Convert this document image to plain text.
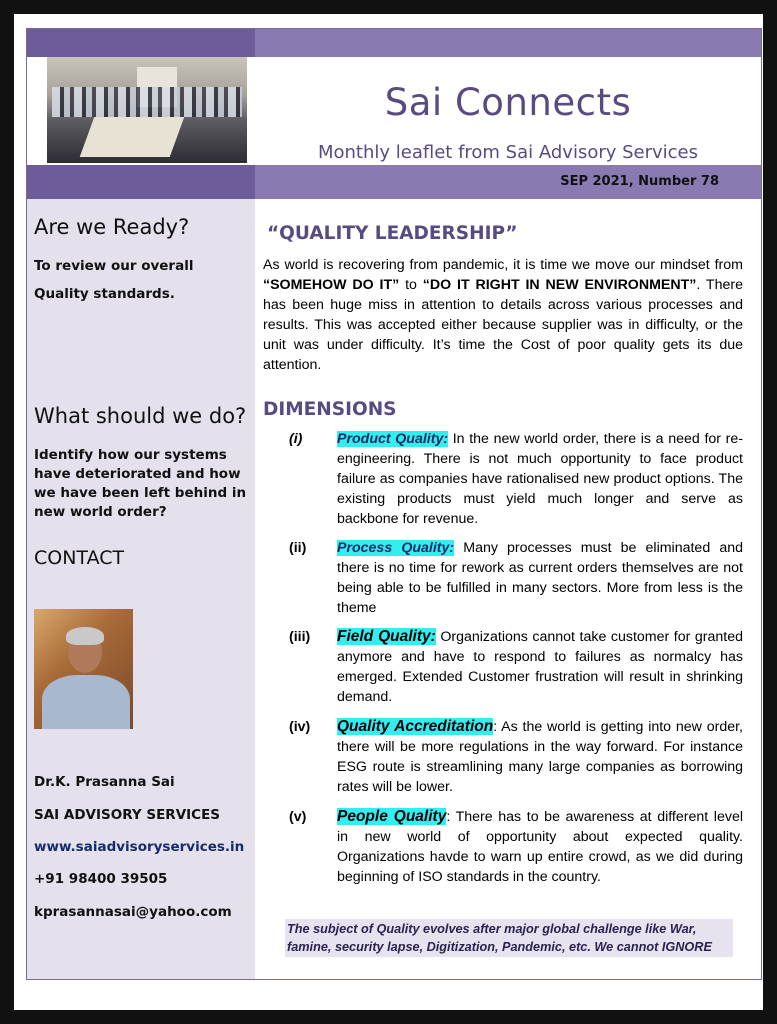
Sai Connects
Monthly leaflet from Sai Advisory Services
SEP 2021, Number 78
Are we Ready?
To review our overall
Quality standards.
What should we do?
Identify how our systems have deteriorated and how we have been left behind in new world order?
CONTACT
Dr.K. Prasanna Sai
SAI ADVISORY SERVICES
www.saiadvisoryservices.in
+91 98400 39505
kprasannasai@yahoo.com
“QUALITY LEADERSHIP”
As world is recovering from pandemic, it is time we move our mindset from “SOMEHOW DO IT” to “DO IT RIGHT IN NEW ENVIRONMENT”. There has been huge miss in attention to details across various processes and results. This was accepted either because supplier was in difficulty, or the unit was under difficulty. It’s time the Cost of poor quality gets its due attention.
DIMENSIONS
(i) Product Quality: In the new world order, there is a need for re-engineering. There is not much opportunity to face product failure as companies have rationalised new product options. The existing products must yield much longer and serve as backbone for revenue.
(ii) Process Quality: Many processes must be eliminated and there is no time for rework as current orders themselves are not being able to be fulfilled in many sectors. More from less is the theme
(iii) Field Quality: Organizations cannot take customer for granted anymore and have to respond to failures as normalcy has emerged. Extended Customer frustration will result in shrinking demand.
(iv) Quality Accreditation: As the world is getting into new order, there will be more regulations in the way forward. For instance ESG route is streamlining many large companies as borrowing rates will be lower.
(v) People Quality: There has to be awareness at different level in new world of opportunity about expected quality. Organizations havde to warn up entire crowd, as we did during beginning of ISO standards in the country.
The subject of Quality evolves after major global challenge like War, famine, security lapse, Digitization, Pandemic, etc. We cannot IGNORE
